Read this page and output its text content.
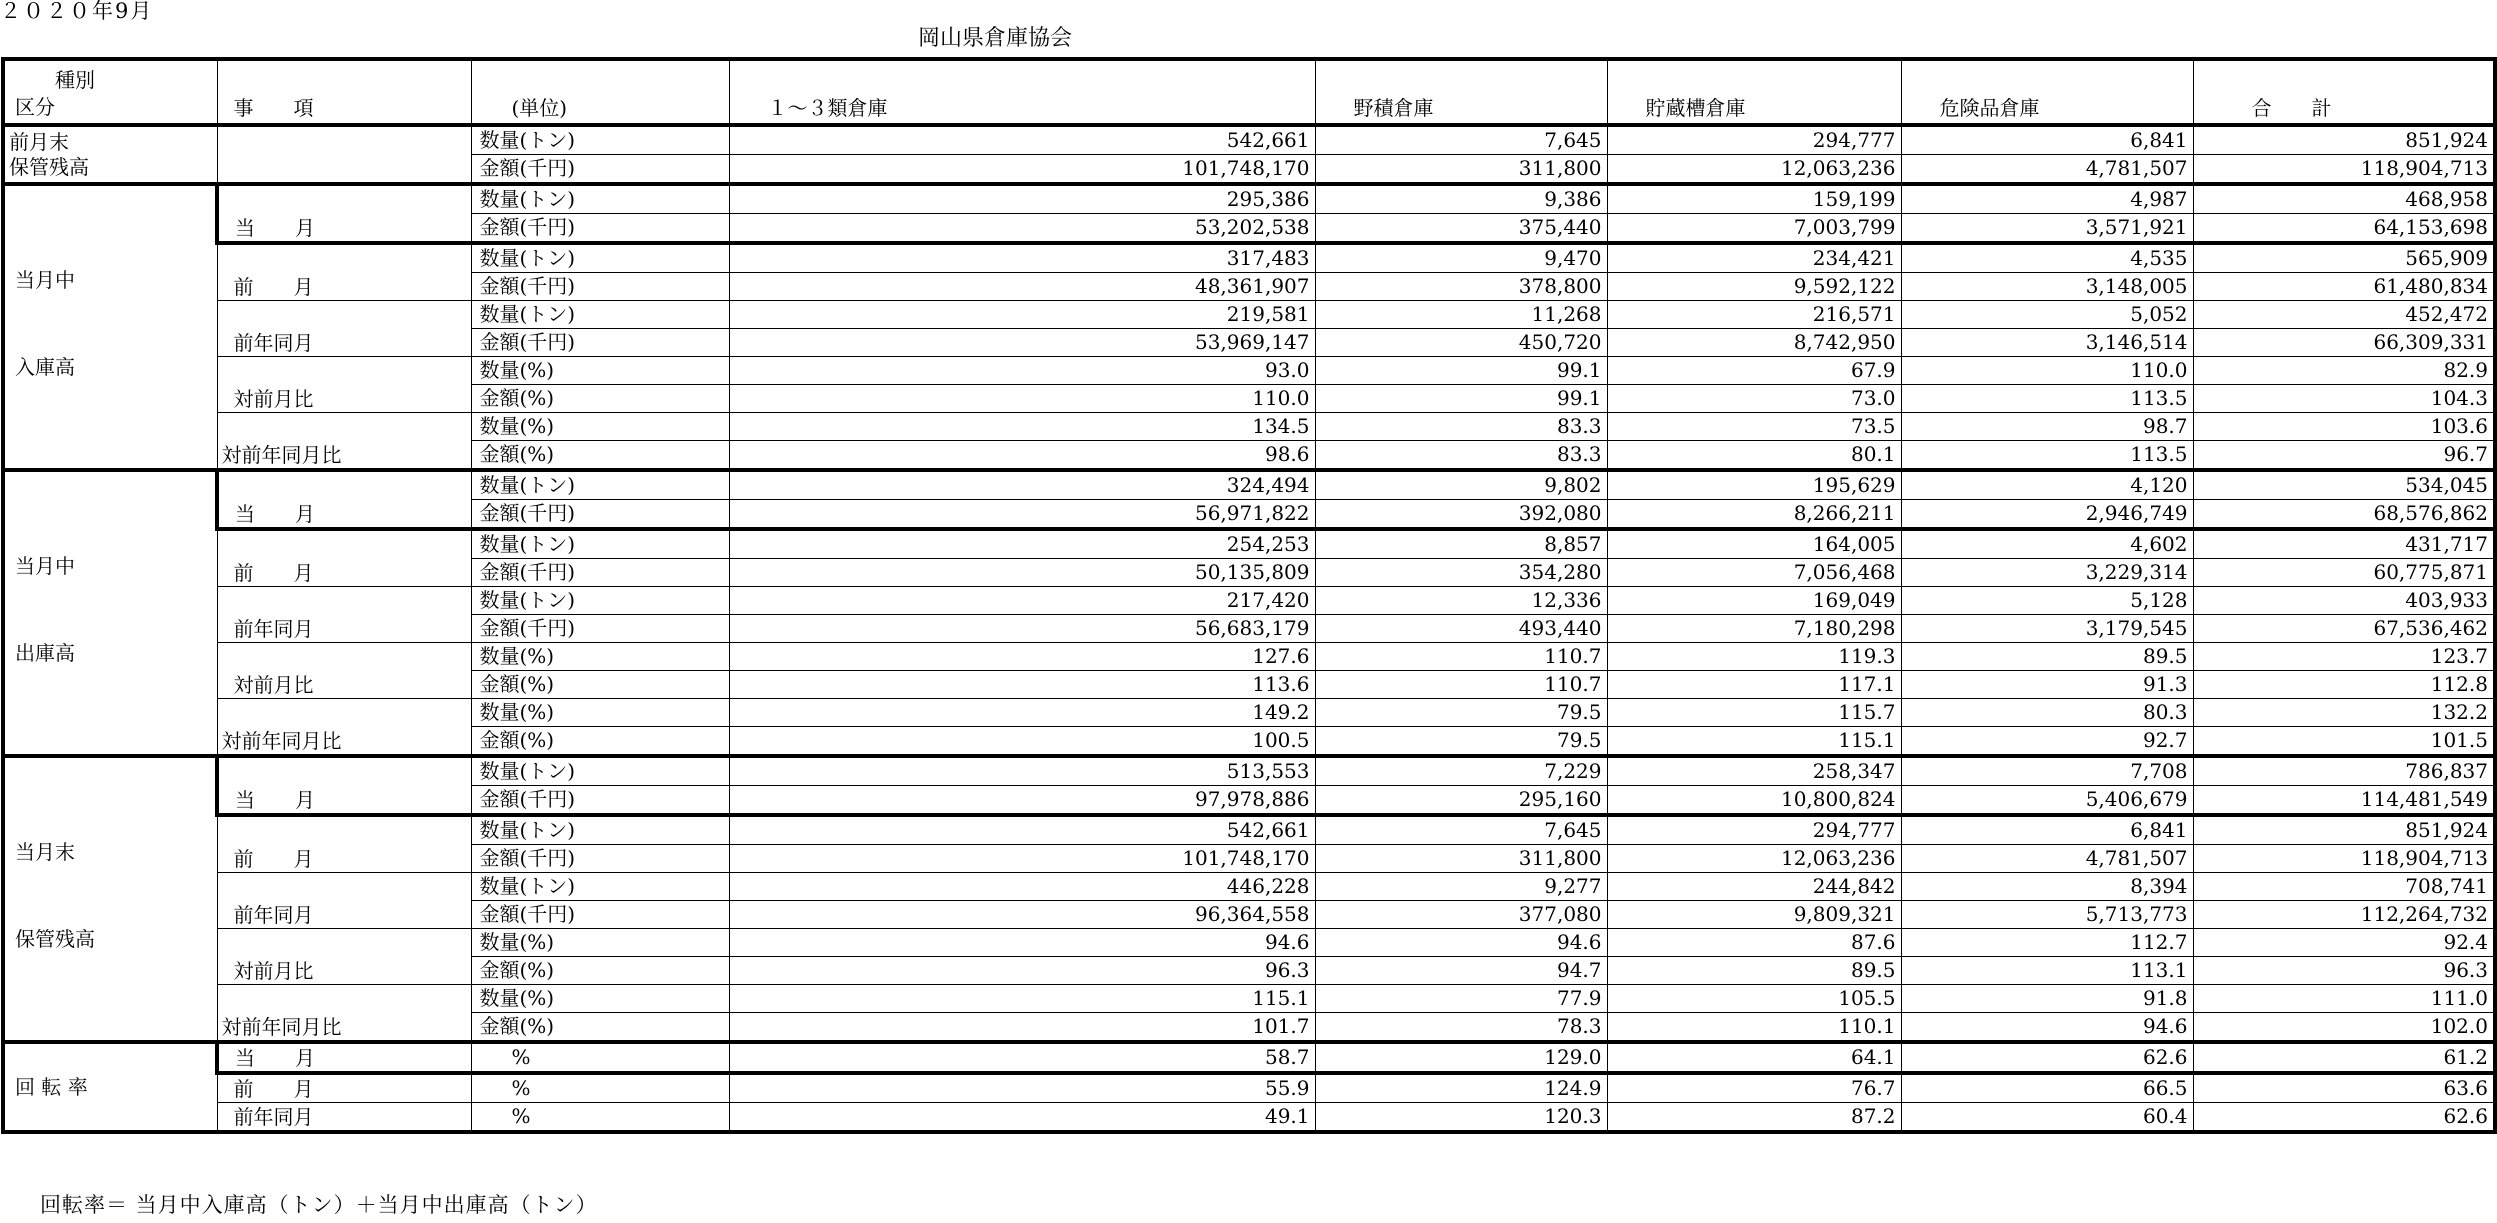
２０２０年9月
岡山県倉庫協会
種別
区分	事　　項	(単位)	１～３類倉庫	野積倉庫	貯蔵槽倉庫	危険品倉庫	合　　計

前月末
保管残高		数量(トン)	542,661	7,645	294,777	6,841	851,924
		金額(千円)	101,748,170	311,800	12,063,236	4,781,507	118,904,713

当月中
入庫高	当　　月	数量(トン)	295,386	9,386	159,199	4,987	468,958
		金額(千円)	53,202,538	375,440	7,003,799	3,571,921	64,153,698
	前　　月	数量(トン)	317,483	9,470	234,421	4,535	565,909
		金額(千円)	48,361,907	378,800	9,592,122	3,148,005	61,480,834
	前年同月	数量(トン)	219,581	11,268	216,571	5,052	452,472
		金額(千円)	53,969,147	450,720	8,742,950	3,146,514	66,309,331
	対前月比	数量(%)	93.0	99.1	67.9	110.0	82.9
		金額(%)	110.0	99.1	73.0	113.5	104.3
	対前年同月比	数量(%)	134.5	83.3	73.5	98.7	103.6
		金額(%)	98.6	83.3	80.1	113.5	96.7

当月中
出庫高	当　　月	数量(トン)	324,494	9,802	195,629	4,120	534,045
		金額(千円)	56,971,822	392,080	8,266,211	2,946,749	68,576,862
	前　　月	数量(トン)	254,253	8,857	164,005	4,602	431,717
		金額(千円)	50,135,809	354,280	7,056,468	3,229,314	60,775,871
	前年同月	数量(トン)	217,420	12,336	169,049	5,128	403,933
		金額(千円)	56,683,179	493,440	7,180,298	3,179,545	67,536,462
	対前月比	数量(%)	127.6	110.7	119.3	89.5	123.7
		金額(%)	113.6	110.7	117.1	91.3	112.8
	対前年同月比	数量(%)	149.2	79.5	115.7	80.3	132.2
		金額(%)	100.5	79.5	115.1	92.7	101.5

当月末
保管残高	当　　月	数量(トン)	513,553	7,229	258,347	7,708	786,837
		金額(千円)	97,978,886	295,160	10,800,824	5,406,679	114,481,549
	前　　月	数量(トン)	542,661	7,645	294,777	6,841	851,924
		金額(千円)	101,748,170	311,800	12,063,236	4,781,507	118,904,713
	前年同月	数量(トン)	446,228	9,277	244,842	8,394	708,741
		金額(千円)	96,364,558	377,080	9,809,321	5,713,773	112,264,732
	対前月比	数量(%)	94.6	94.6	87.6	112.7	92.4
		金額(%)	96.3	94.7	89.5	113.1	96.3
	対前年同月比	数量(%)	115.1	77.9	105.5	91.8	111.0
		金額(%)	101.7	78.3	110.1	94.6	102.0
回 転 率	当　　月	%	58.7	129.0	64.1	62.6	61.2
	前　　月	%	55.9	124.9	76.7	66.5	63.6
	前年同月	%	49.1	120.3	87.2	60.4	62.6
回転率＝ 当月中入庫高（トン）＋当月中出庫高（トン）
